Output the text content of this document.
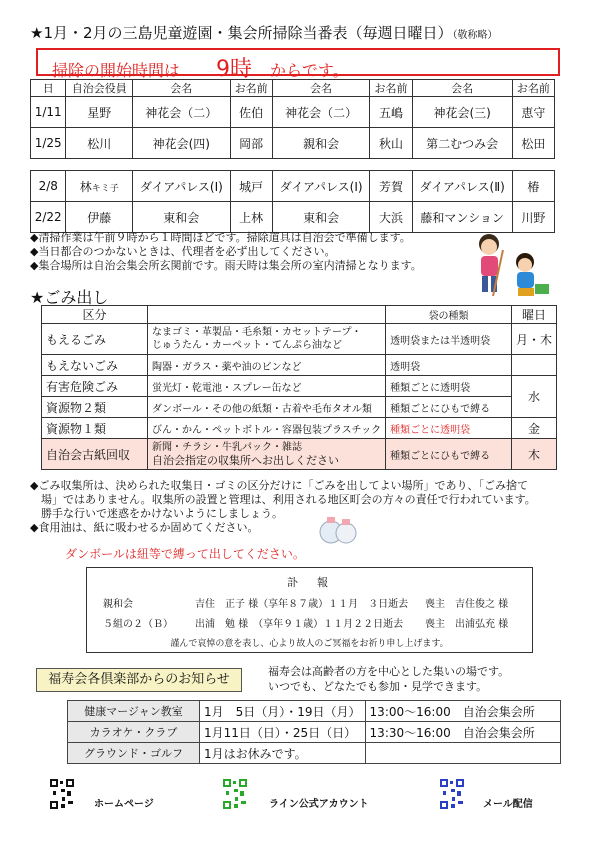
★1月・2月の三島児童遊園・集会所掃除当番表（毎週日曜日）（敬称略）
掃除の開始時間は 9時 からです。
日	自治会役員	会名	お名前	会名	お名前	会名	お名前
1/11	星野	神花会（二）	佐伯	神花会（二）	五嶋	神花会(三)	恵守
1/25	松川	神花会(四)	岡部	親和会	秋山	第二むつみ会	松田

2/8	林キミ子	ダイアパレス(Ⅰ)	城戸	ダイアパレス(Ⅰ)	芳賀	ダイアパレス(Ⅱ)	椿
2/22	伊藤	東和会	上林	東和会	大浜	藤和マンション	川野
◆清掃作業は午前９時から１時間ほどです。掃除道具は自治会で準備します。
◆当日都合のつかないときは、代理者を必ず出してください。
◆集合場所は自治会集会所玄関前です。雨天時は集会所の室内清掃となります。
★ごみ出し
区分		袋の種類	曜日
もえるごみ	なまゴミ・革製品・毛糸類・カセットテープ・
じゅうたん・カーペット・てんぷら油など	透明袋または半透明袋	月・木
もえないごみ	陶器・ガラス・薬や油のビンなど	透明袋	
有害危険ごみ	蛍光灯・乾電池・スプレー缶など	種類ごとに透明袋	水
資源物２類	ダンボール・その他の紙類・古着や毛布タオル類	種類ごとにひもで縛る	
資源物１類	びん・かん・ペットボトル・容器包装プラスチック	種類ごとに透明袋	金
自治会古紙回収	新聞・チラシ・牛乳パック・雑誌
自治会指定の収集所へお出しください	種類ごとにひもで縛る	木
◆ごみ収集所は、決められた収集日・ゴミの区分だけに「ごみを出してよい場所」であり、「ごみ捨て
　場」ではありません。収集所の設置と管理は、利用される地区町会の方々の責任で行われています。
　勝手な行いで迷惑をかけないようにしましょう。
◆食用油は、紙に吸わせるか固めてください。
ダンボールは紐等で縛って出してください。
訃　報
親和会	吉住　正子 様（享年８７歳）１１月　３日逝去 喪主　吉住俊之 様
５組の２（Ｂ） 出浦　勉 様　（享年９１歳）１１月２２日逝去 喪主　出浦弘充 様
謹んで哀悼の意を表し、心より故人のご冥福をお祈り申し上げます。
福寿会各倶楽部からのお知らせ
福寿会は高齢者の方を中心とした集いの場です。
いつでも、どなたでも参加・見学できます。
健康マージャン教室	1月　5日（月）・19日（月）	13:00～16:00　自治会集会所
カラオケ・クラブ	1月11日（日）・25日（日）	13:30～16:00　自治会集会所
グラウンド・ゴルフ	1月はお休みです。	
ホームページ	ライン公式アカウント	メール配信
